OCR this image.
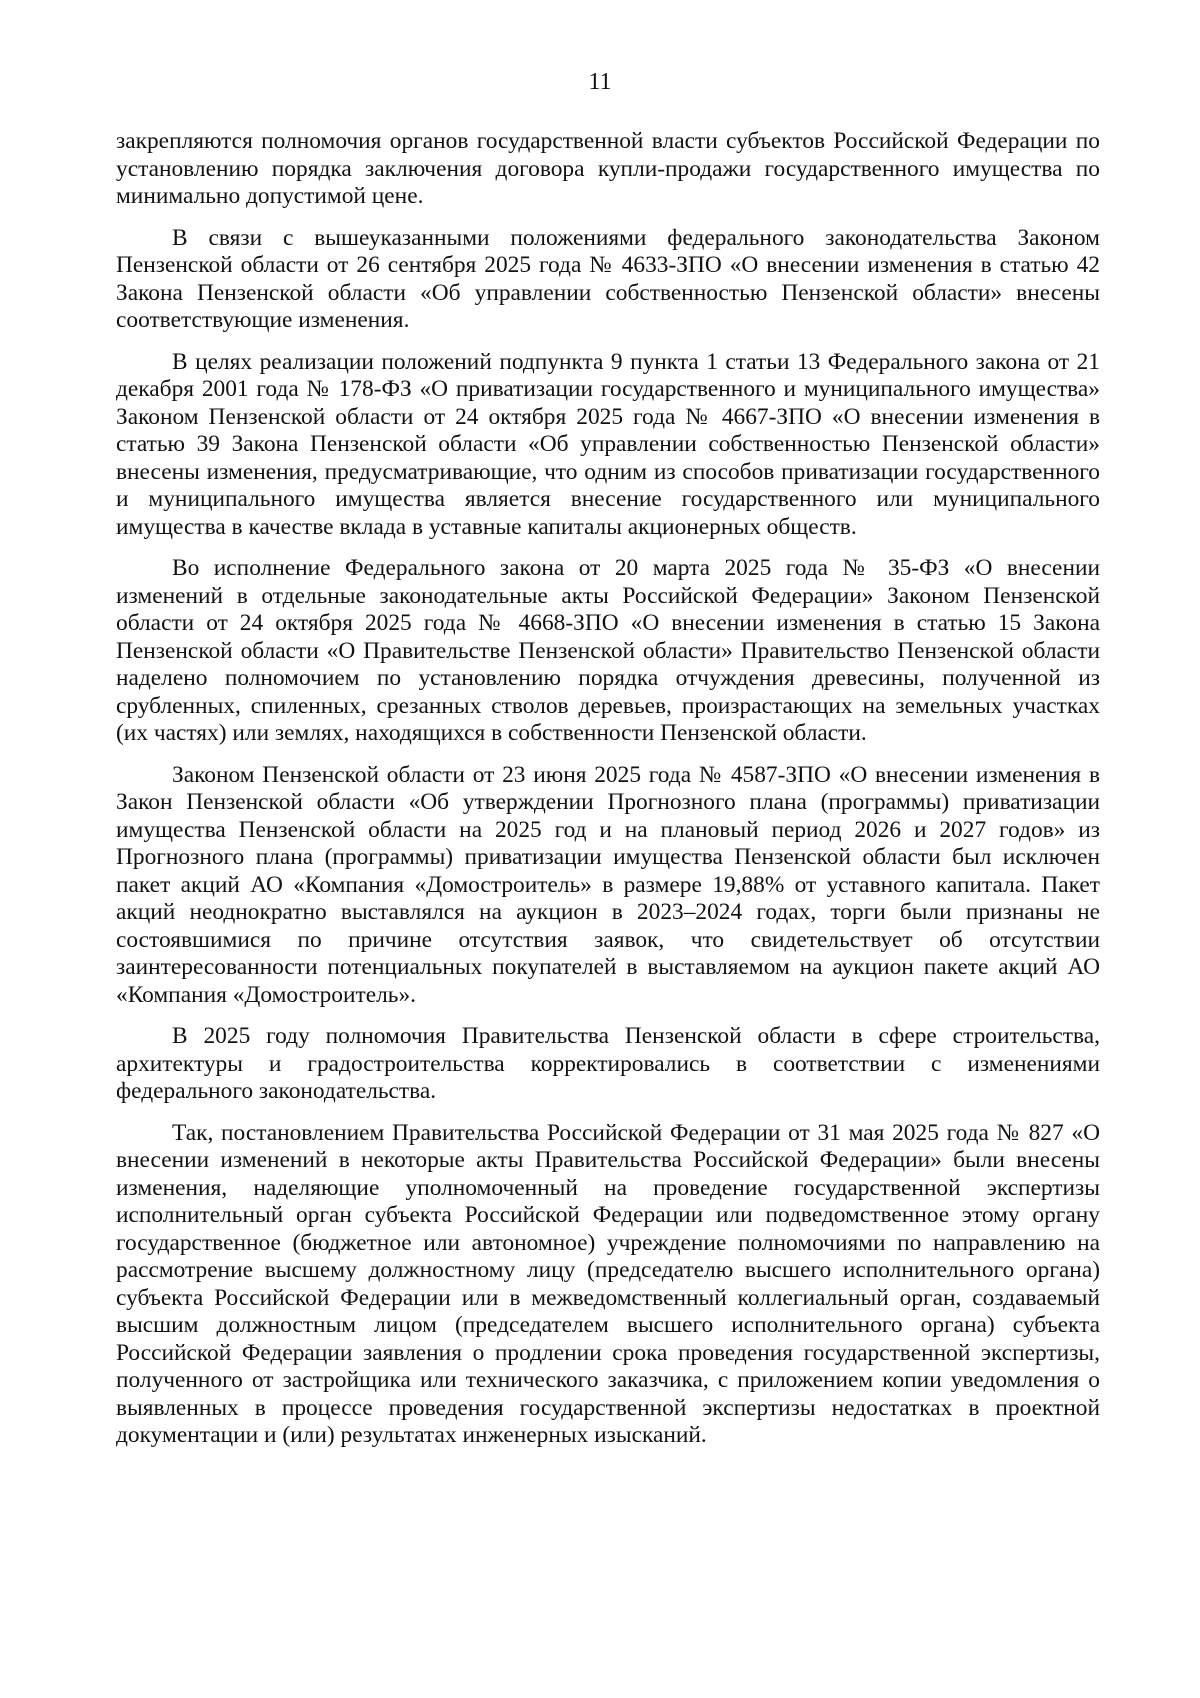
11

закрепляются полномочия органов государственной власти субъектов Российской Федерации по установлению порядка заключения договора купли-продажи государственного имущества по минимально допустимой цене.

В связи с вышеуказанными положениями федерального законодательства Законом Пензенской области от 26 сентября 2025 года № 4633-ЗПО «О внесении изменения в статью 42 Закона Пензенской области «Об управлении собственностью Пензенской области» внесены соответствующие изменения.

В целях реализации положений подпункта 9 пункта 1 статьи 13 Федерального закона от 21 декабря 2001 года № 178-ФЗ «О приватизации государственного и муниципального имущества» Законом Пензенской области от 24 октября 2025 года № 4667-ЗПО «О внесении изменения в статью 39 Закона Пензенской области «Об управлении собственностью Пензенской области» внесены изменения, предусматривающие, что одним из способов приватизации государственного и муниципального имущества является внесение государственного или муниципального имущества в качестве вклада в уставные капиталы акционерных обществ.

Во исполнение Федерального закона от 20 марта 2025 года № 35-ФЗ «О внесении изменений в отдельные законодательные акты Российской Федерации» Законом Пензенской области от 24 октября 2025 года № 4668-ЗПО «О внесении изменения в статью 15 Закона Пензенской области «О Правительстве Пензенской области» Правительство Пензенской области наделено полномочием по установлению порядка отчуждения древесины, полученной из срубленных, спиленных, срезанных стволов деревьев, произрастающих на земельных участках (их частях) или землях, находящихся в собственности Пензенской области.

Законом Пензенской области от 23 июня 2025 года № 4587-ЗПО «О внесении изменения в Закон Пензенской области «Об утверждении Прогнозного плана (программы) приватизации имущества Пензенской области на 2025 год и на плановый период 2026 и 2027 годов» из Прогнозного плана (программы) приватизации имущества Пензенской области был исключен пакет акций АО «Компания «Домостроитель» в размере 19,88% от уставного капитала. Пакет акций неоднократно выставлялся на аукцион в 2023–2024 годах, торги были признаны не состоявшимися по причине отсутствия заявок, что свидетельствует об отсутствии заинтересованности потенциальных покупателей в выставляемом на аукцион пакете акций АО «Компания «Домостроитель».

В 2025 году полномочия Правительства Пензенской области в сфере строительства, архитектуры и градостроительства корректировались в соответствии с изменениями федерального законодательства.

Так, постановлением Правительства Российской Федерации от 31 мая 2025 года № 827 «О внесении изменений в некоторые акты Правительства Российской Федерации» были внесены изменения, наделяющие уполномоченный на проведение государственной экспертизы исполнительный орган субъекта Российской Федерации или подведомственное этому органу государственное (бюджетное или автономное) учреждение полномочиями по направлению на рассмотрение высшему должностному лицу (председателю высшего исполнительного органа) субъекта Российской Федерации или в межведомственный коллегиальный орган, создаваемый высшим должностным лицом (председателем высшего исполнительного органа) субъекта Российской Федерации заявления о продлении срока проведения государственной экспертизы, полученного от застройщика или технического заказчика, с приложением копии уведомления о выявленных в процессе проведения государственной экспертизы недостатках в проектной документации и (или) результатах инженерных изысканий.
